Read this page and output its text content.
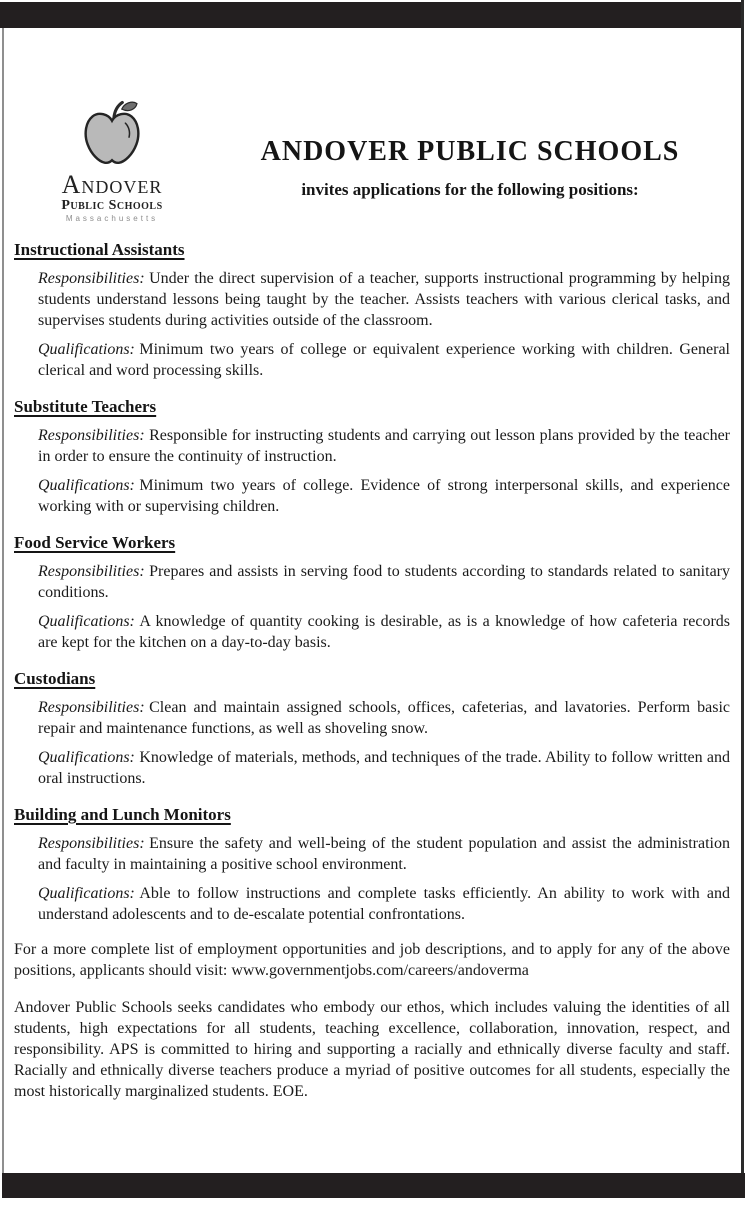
Andover
Public Schools
Massachusetts
ANDOVER PUBLIC SCHOOLS
invites applications for the following positions:
Instructional Assistants

Responsibilities: Under the direct supervision of a teacher, supports instructional programming by helping students understand lessons being taught by the teacher. Assists teachers with various clerical tasks, and supervises students during activities outside of the classroom.

Qualifications: Minimum two years of college or equivalent experience working with children. General clerical and word processing skills.

Substitute Teachers

Responsibilities: Responsible for instructing students and carrying out lesson plans provided by the teacher in order to ensure the continuity of instruction.

Qualifications: Minimum two years of college. Evidence of strong interpersonal skills, and experience working with or supervising children.

Food Service Workers

Responsibilities: Prepares and assists in serving food to students according to standards related to sanitary conditions.

Qualifications: A knowledge of quantity cooking is desirable, as is a knowledge of how cafeteria records are kept for the kitchen on a day-to-day basis.

Custodians

Responsibilities: Clean and maintain assigned schools, offices, cafeterias, and lavatories. Perform basic repair and maintenance functions, as well as shoveling snow.

Qualifications: Knowledge of materials, methods, and techniques of the trade. Ability to follow written and oral instructions.

Building and Lunch Monitors

Responsibilities: Ensure the safety and well-being of the student population and assist the administration and faculty in maintaining a positive school environment.

Qualifications: Able to follow instructions and complete tasks efficiently. An ability to work with and understand adolescents and to de-escalate potential confrontations.

For a more complete list of employment opportunities and job descriptions, and to apply for any of the above positions, applicants should visit: www.governmentjobs.com/careers/andoverma

Andover Public Schools seeks candidates who embody our ethos, which includes valuing the identities of all students, high expectations for all students, teaching excellence, collaboration, innovation, respect, and responsibility. APS is committed to hiring and supporting a racially and ethnically diverse faculty and staff. Racially and ethnically diverse teachers produce a myriad of positive outcomes for all students, especially the most historically marginalized students. EOE.
